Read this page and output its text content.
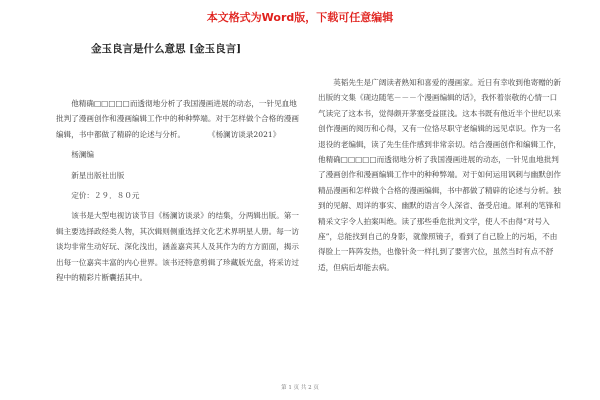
本文格式为Word版，下载可任意编辑
金玉良言是什么意思 [金玉良言]

他精确□□□□□而透彻地分析了我国漫画进展的动态，一针见血地批判了漫画创作和漫画编辑工作中的种种弊端。对于怎样做个合格的漫画编辑，书中都做了精辟的论述与分析。　　　　《杨澜访谈录2021》

杨澜编

新星出版社出版

定价：２９．８０元

该书是大型电视访谈节目《杨澜访谈录》的结集，分两辑出版。第一辑主要选择政经类人物，其次辑则侧重选择文化艺术界明星人册。每一访谈均非常生动好玩、深化浅出，涵盖嘉宾其人及其作为的方方面面，揭示出每一位嘉宾丰富的内心世界。该书还特意剪辑了珍藏版光盘，将采访过程中的精彩片断囊括其中。

英韬先生是广阔读者熟知和喜爱的漫画家。近日有幸收到他寄赠的新出版的文集《砚边随笔－－－个漫画编辑的话》，我怀着崇敬的心情一口气读完了这本书，觉得颇开茅塞受益匪浅。这本书既有他近半个世纪以来创作漫画的阅历和心得，又有一位恪尽职守老编辑的远见卓识。作为一名退役的老编辑，读了先生佳作感到非常亲切。结合漫画创作和编辑工作，他精确□□□□□而透彻地分析了我国漫画进展的动态，一针见血地批判了漫画创作和漫画编辑工作中的种种弊端。对于如何运用讽刺与幽默创作精品漫画和怎样做个合格的漫画编辑，书中都做了精辟的论述与分析。独到的见解、周详的事实、幽默的语言令人深省、备受启迪。犀利的笔锋和精采文字令人拍案叫绝。读了那些垂危批判文学，使人不由得“对号入座”，总能找到自己的身影，就像照镜子，看到了自己脸上的污垢，不由得脸上一阵阵发热，也像针灸一样扎到了要害穴位，虽然当时有点不舒适，但病后却能去病。

第 1 页 共 2 页
